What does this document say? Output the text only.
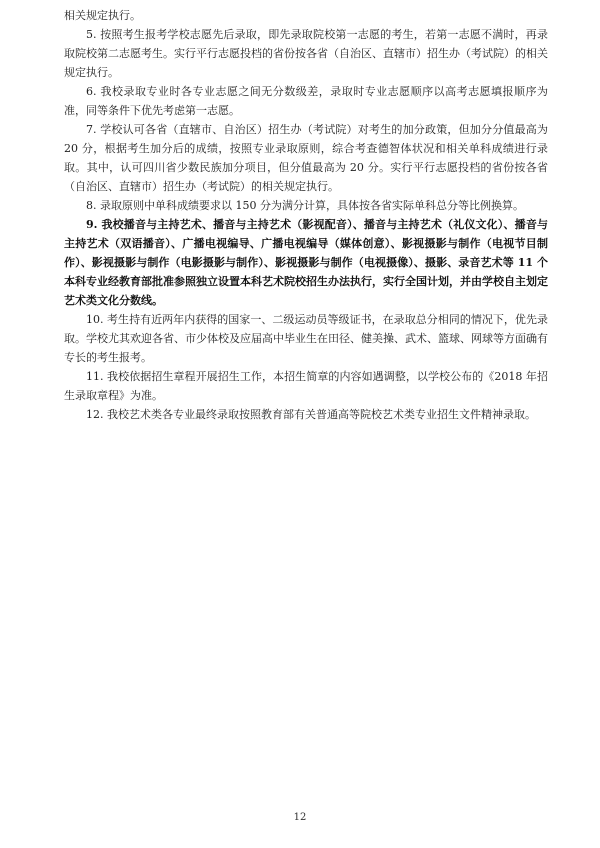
相关规定执行。

5. 按照考生报考学校志愿先后录取，即先录取院校第一志愿的考生，若第一志愿不满时，再录取院校第二志愿考生。实行平行志愿投档的省份按各省（自治区、直辖市）招生办（考试院）的相关规定执行。

6. 我校录取专业时各专业志愿之间无分数级差，录取时专业志愿顺序以高考志愿填报顺序为准，同等条件下优先考虑第一志愿。

7. 学校认可各省（直辖市、自治区）招生办（考试院）对考生的加分政策，但加分分值最高为 20 分，根据考生加分后的成绩，按照专业录取原则，综合考查德智体状况和相关单科成绩进行录取。其中，认可四川省少数民族加分项目，但分值最高为 20 分。实行平行志愿投档的省份按各省（自治区、直辖市）招生办（考试院）的相关规定执行。

8. 录取原则中单科成绩要求以 150 分为满分计算，具体按各省实际单科总分等比例换算。

9. 我校播音与主持艺术、播音与主持艺术（影视配音）、播音与主持艺术（礼仪文化）、播音与主持艺术（双语播音）、广播电视编导、广播电视编导（媒体创意）、影视摄影与制作（电视节目制作）、影视摄影与制作（电影摄影与制作）、影视摄影与制作（电视摄像）、摄影、录音艺术等 11 个本科专业经教育部批准参照独立设置本科艺术院校招生办法执行，实行全国计划，并由学校自主划定艺术类文化分数线。

10. 考生持有近两年内获得的国家一、二级运动员等级证书，在录取总分相同的情况下，优先录取。学校尤其欢迎各省、市少体校及应届高中毕业生在田径、健美操、武术、篮球、网球等方面确有专长的考生报考。

11. 我校依据招生章程开展招生工作，本招生简章的内容如遇调整，以学校公布的《2018 年招生录取章程》为准。

12. 我校艺术类各专业最终录取按照教育部有关普通高等院校艺术类专业招生文件精神录取。

12
